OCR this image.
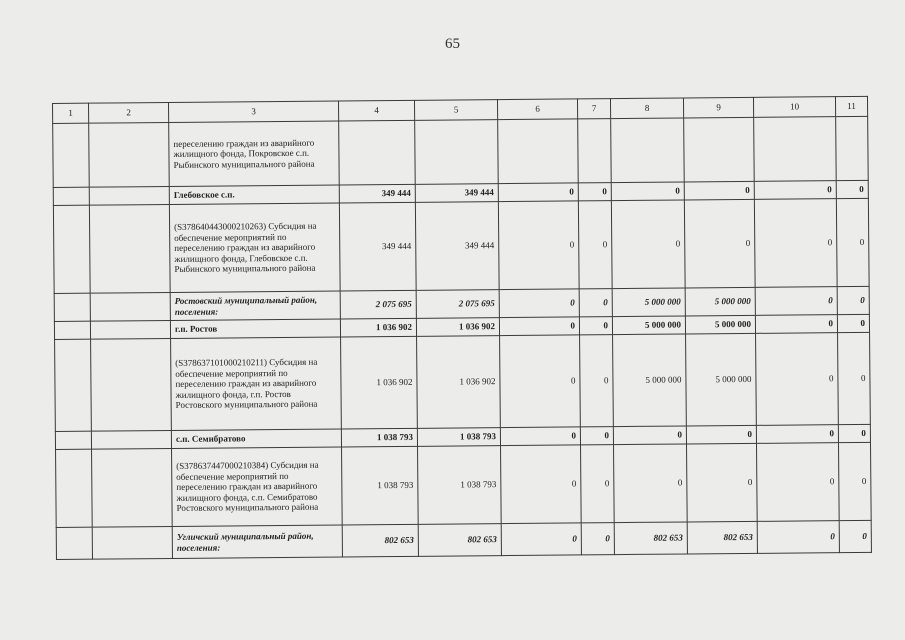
65
1	2	3	4	5	6	7	8	9	10	11
		переселению граждан из аварийного жилищного фонда, Покровское с.п. Рыбинского муниципального района								
		Глебовское с.п.	349 444	349 444	0	0	0	0	0	0
		(S378640443000210263) Субсидия на обеспечение мероприятий по переселению граждан из аварийного жилищного фонда, Глебовское с.п. Рыбинского муниципального района	349 444	349 444	0	0	0	0	0	0
		Ростовский муниципальный район, поселения:	2 075 695	2 075 695	0	0	5 000 000	5 000 000	0	0
		г.п. Ростов	1 036 902	1 036 902	0	0	5 000 000	5 000 000	0	0
		(S378637101000210211) Субсидия на обеспечение мероприятий по переселению граждан из аварийного жилищного фонда, г.п. Ростов Ростовского муниципального района	1 036 902	1 036 902	0	0	5 000 000	5 000 000	0	0
		с.п. Семибратово	1 038 793	1 038 793	0	0	0	0	0	0
		(S378637447000210384) Субсидия на обеспечение мероприятий по переселению граждан из аварийного жилищного фонда, с.п. Семибратово Ростовского муниципального района	1 038 793	1 038 793	0	0	0	0	0	0
		Угличский муниципальный район, поселения:	802 653	802 653	0	0	802 653	802 653	0	0
